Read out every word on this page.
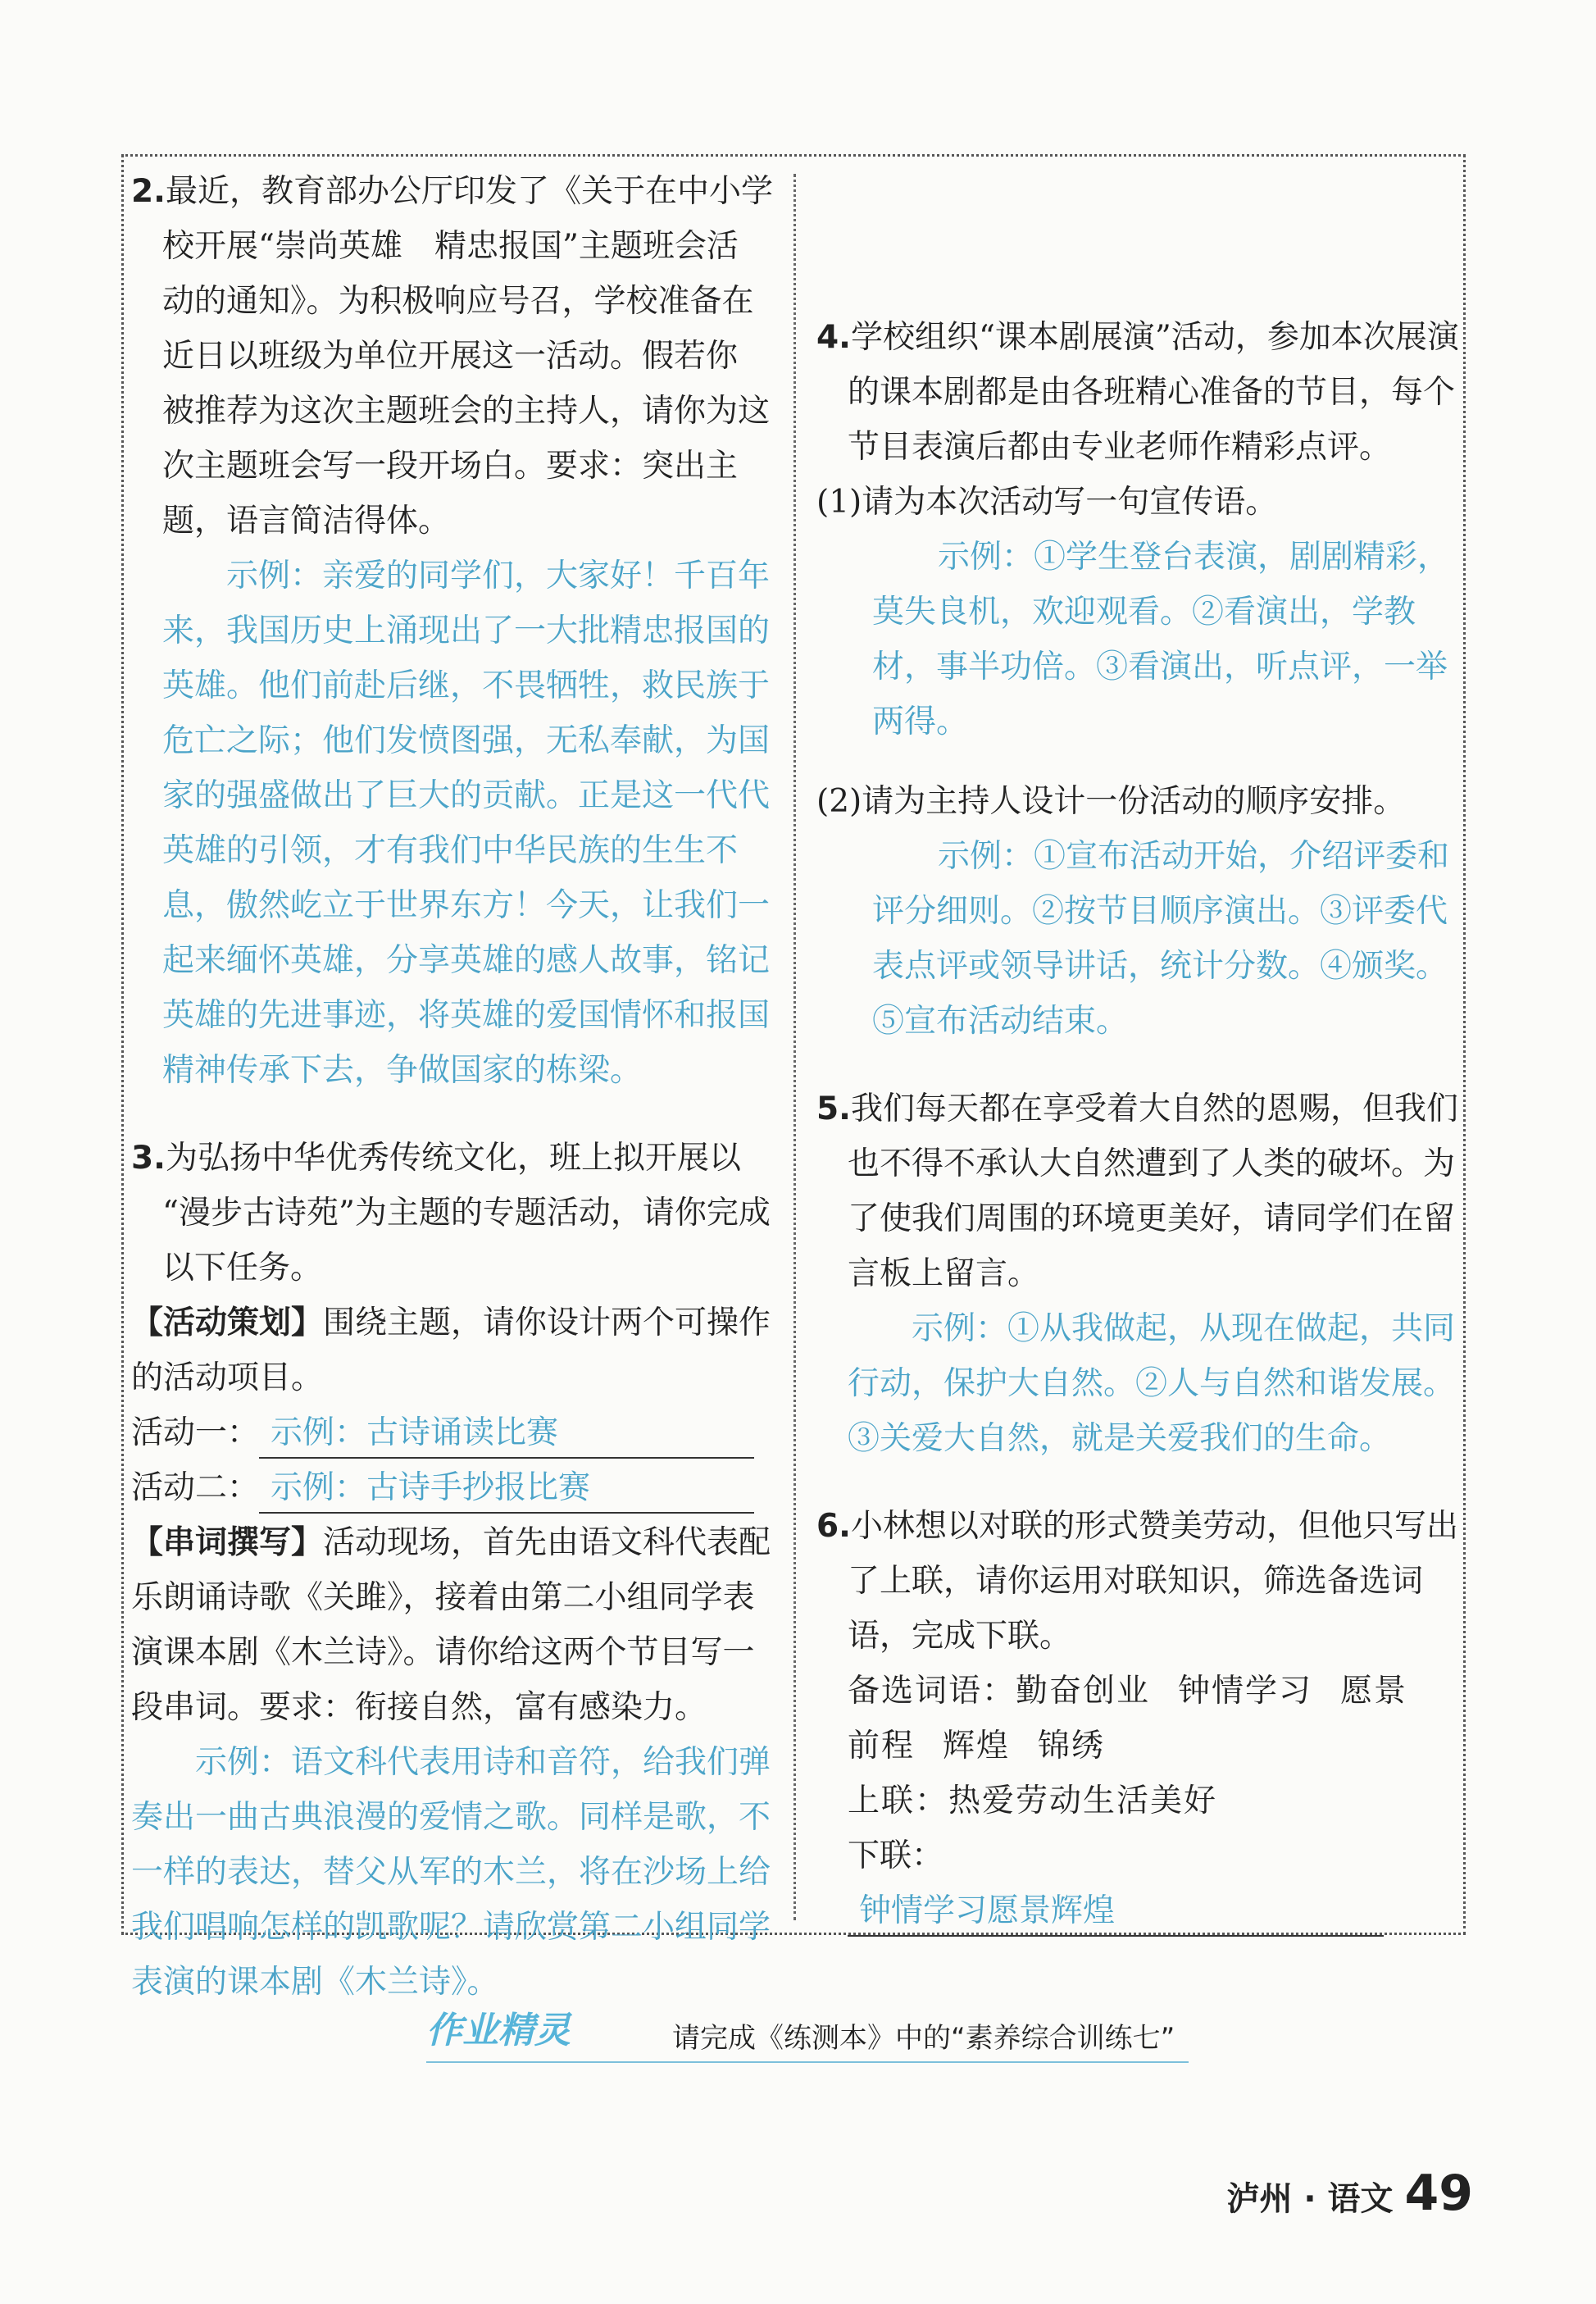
2.最近，教育部办公厅印发了《关于在中小学

校开展“崇尚英雄　精忠报国”主题班会活

动的通知》。为积极响应号召，学校准备在

近日以班级为单位开展这一活动。假若你

被推荐为这次主题班会的主持人，请你为这

次主题班会写一段开场白。要求：突出主

题，语言简洁得体。

示例：亲爱的同学们，大家好！千百年来，我国历史上涌现出了一大批精忠报国的英雄。他们前赴后继，不畏牺牲，救民族于危亡之际；他们发愤图强，无私奉献，为国家的强盛做出了巨大的贡献。正是这一代代英雄的引领，才有我们中华民族的生生不息，傲然屹立于世界东方！今天，让我们一起来缅怀英雄，分享英雄的感人故事，铭记英雄的先进事迹，将英雄的爱国情怀和报国精神传承下去，争做国家的栋梁。

3.为弘扬中华优秀传统文化，班上拟开展以

“漫步古诗苑”为主题的专题活动，请你完成

以下任务。

【活动策划】围绕主题，请你设计两个可操作的活动项目。

活动一： 示例：古诗诵读比赛

活动二： 示例：古诗手抄报比赛

【串词撰写】活动现场，首先由语文科代表配乐朗诵诗歌《关雎》，接着由第二小组同学表演课本剧《木兰诗》。请你给这两个节目写一段串词。要求：衔接自然，富有感染力。

示例：语文科代表用诗和音符，给我们弹奏出一曲古典浪漫的爱情之歌。同样是歌，不一样的表达，替父从军的木兰，将在沙场上给我们唱响怎样的凯歌呢？请欣赏第二小组同学表演的课本剧《木兰诗》。

4.学校组织“课本剧展演”活动，参加本次展演的课本剧都是由各班精心准备的节目，每个节目表演后都由专业老师作精彩点评。

(1)请为本次活动写一句宣传语。

示例：①学生登台表演，剧剧精彩，莫失良机，欢迎观看。②看演出，学教材，事半功倍。③看演出，听点评，一举两得。

(2)请为主持人设计一份活动的顺序安排。

示例：①宣布活动开始，介绍评委和评分细则。②按节目顺序演出。③评委代表点评或领导讲话，统计分数。④颁奖。⑤宣布活动结束。

5.我们每天都在享受着大自然的恩赐，但我们也不得不承认大自然遭到了人类的破坏。为了使我们周围的环境更美好，请同学们在留言板上留言。

示例：①从我做起，从现在做起，共同行动，保护大自然。②人与自然和谐发展。③关爱大自然，就是关爱我们的生命。

6.小林想以对联的形式赞美劳动，但他只写出了上联，请你运用对联知识，筛选备选词语，完成下联。

备选词语：勤奋创业 钟情学习 愿景前程 辉煌 锦绣

上联：热爱劳动生活美好

下联：钟情学习愿景辉煌

作业精灵	请完成《练测本》中的“素养综合训练七”
泸州 · 语文 49
